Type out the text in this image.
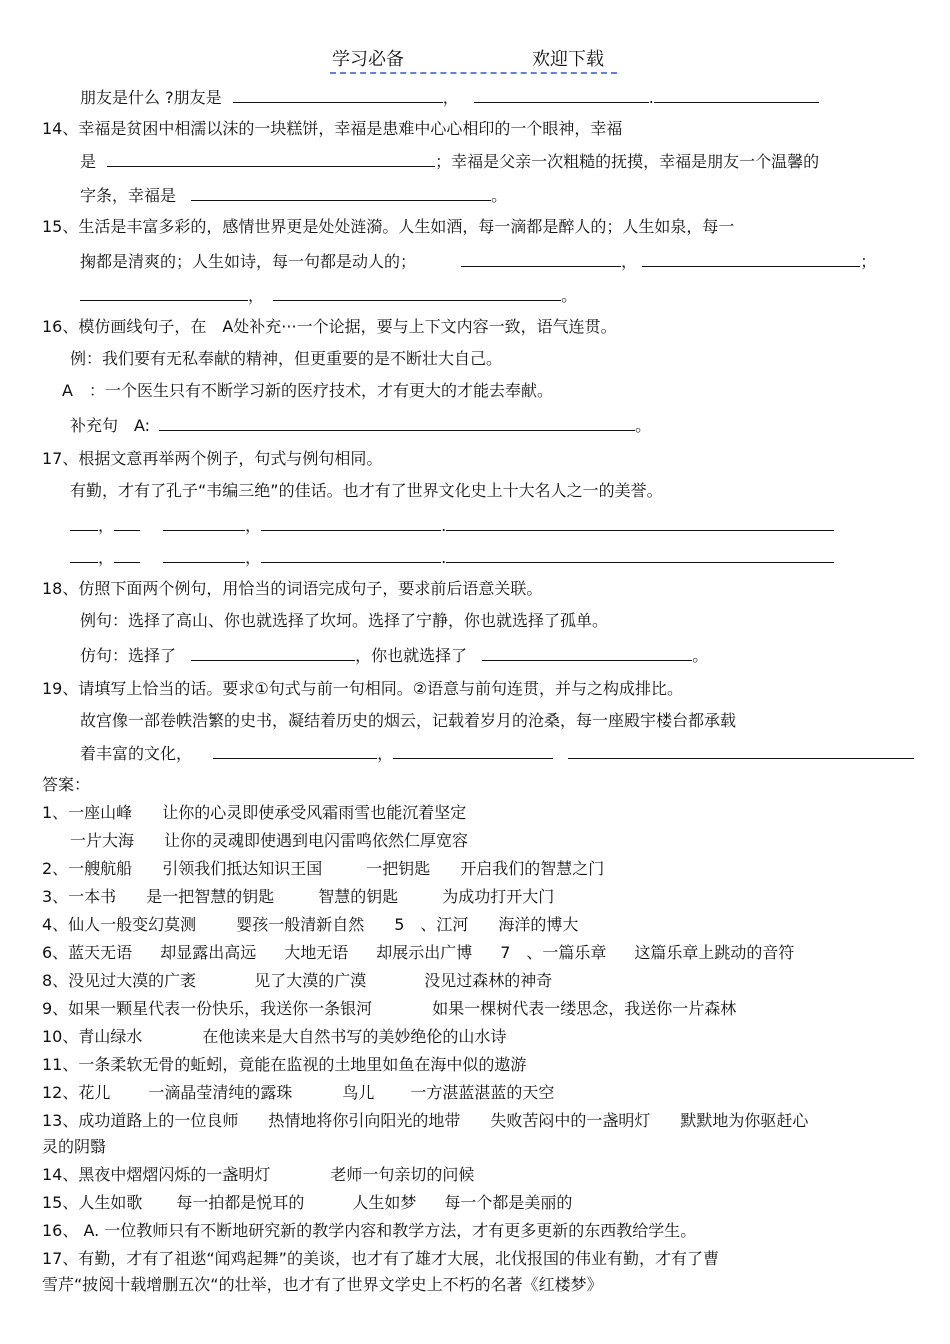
学习必备	欢迎下载
朋友是什么 ?朋友是	，	.
14、幸福是贫困中相濡以沫的一块糕饼，幸福是患难中心心相印的一个眼神，幸福
是	；幸福是父亲一次粗糙的抚摸，幸福是朋友一个温馨的
字条，幸福是	。
15、生活是丰富多彩的，感情世界更是处处涟漪。人生如酒，每一滴都是醉人的；人生如泉，每一
掬都是清爽的；人生如诗，每一句都是动人的；	，	；
，	。
16、模仿画线句子，在　A处补充···一个论据，要与上下文内容一致，语气连贯。
例：我们要有无私奉献的精神，但更重要的是不断壮大自己。
A　：一个医生只有不断学习新的医疗技术，才有更大的才能去奉献。
补充句　A:	。
17、根据文意再举两个例子，句式与例句相同。
有勤，才有了孔子“韦编三绝”的佳话。也才有了世界文化史上十大名人之一的美誉。
，	，	.
，	，	.
18、仿照下面两个例句，用恰当的词语完成句子，要求前后语意关联。
例句：选择了高山、你也就选择了坎坷。选择了宁静，你也就选择了孤单。
仿句：选择了	，你也就选择了	。
19、请填写上恰当的话。要求①句式与前一句相同。②语意与前句连贯，并与之构成排比。
故宫像一部卷帙浩繁的史书，凝结着历史的烟云，记载着岁月的沧桑，每一座殿宇楼台都承载
着丰富的文化，	，
答案：
1、一座山峰 让你的心灵即使承受风霜雨雪也能沉着坚定
一片大海 让你的灵魂即使遇到电闪雷鸣依然仁厚宽容
2、一艘航船 引领我们抵达知识王国	一把钥匙 开启我们的智慧之门
3、一本书 是一把智慧的钥匙	智慧的钥匙	为成功打开大门
4、仙人一般变幻莫测	婴孩一般清新自然 5　、江河 海洋的博大
6、蓝天无语 却显露出高远 大地无语 却展示出广博 7　、一篇乐章 这篇乐章上跳动的音符
8、没见过大漠的广袤	见了大漠的广漠	没见过森林的神奇
9、如果一颗星代表一份快乐，我送你一条银河	如果一棵树代表一缕思念，我送你一片森林
10、青山绿水	在他读来是大自然书写的美妙绝伦的山水诗
11、一条柔软无骨的蚯蚓，竟能在监视的土地里如鱼在海中似的遨游
12、花儿 一滴晶莹清纯的露珠	鸟儿 一方湛蓝湛蓝的天空
13、成功道路上的一位良师 热情地将你引向阳光的地带 失败苦闷中的一盏明灯 默默地为你驱赶心
灵的阴翳
14、黑夜中熠熠闪烁的一盏明灯	老师一句亲切的问候
15、人生如歌 每一拍都是悦耳的	人生如梦 每一个都是美丽的
16、 A. 一位教师只有不断地研究新的教学内容和教学方法，才有更多更新的东西教给学生。
17、有勤，才有了祖逖“闻鸡起舞”的美谈，也才有了雄才大展，北伐报国的伟业有勤，才有了曹
雪芹“披阅十载增删五次“的壮举，也才有了世界文学史上不朽的名著《红楼梦》
